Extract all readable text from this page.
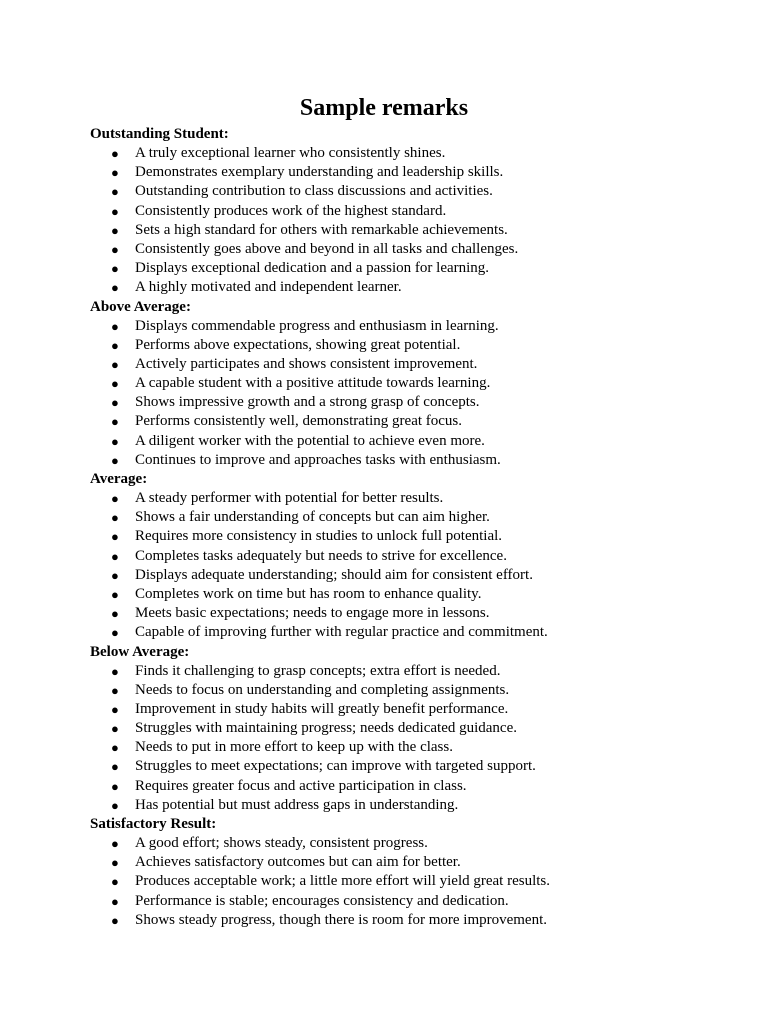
Sample remarks
Outstanding Student:
● A truly exceptional learner who consistently shines.
● Demonstrates exemplary understanding and leadership skills.
● Outstanding contribution to class discussions and activities.
● Consistently produces work of the highest standard.
● Sets a high standard for others with remarkable achievements.
● Consistently goes above and beyond in all tasks and challenges.
● Displays exceptional dedication and a passion for learning.
● A highly motivated and independent learner.
Above Average:
● Displays commendable progress and enthusiasm in learning.
● Performs above expectations, showing great potential.
● Actively participates and shows consistent improvement.
● A capable student with a positive attitude towards learning.
● Shows impressive growth and a strong grasp of concepts.
● Performs consistently well, demonstrating great focus.
● A diligent worker with the potential to achieve even more.
● Continues to improve and approaches tasks with enthusiasm.
Average:
● A steady performer with potential for better results.
● Shows a fair understanding of concepts but can aim higher.
● Requires more consistency in studies to unlock full potential.
● Completes tasks adequately but needs to strive for excellence.
● Displays adequate understanding; should aim for consistent effort.
● Completes work on time but has room to enhance quality.
● Meets basic expectations; needs to engage more in lessons.
● Capable of improving further with regular practice and commitment.
Below Average:
● Finds it challenging to grasp concepts; extra effort is needed.
● Needs to focus on understanding and completing assignments.
● Improvement in study habits will greatly benefit performance.
● Struggles with maintaining progress; needs dedicated guidance.
● Needs to put in more effort to keep up with the class.
● Struggles to meet expectations; can improve with targeted support.
● Requires greater focus and active participation in class.
● Has potential but must address gaps in understanding.
Satisfactory Result:
● A good effort; shows steady, consistent progress.
● Achieves satisfactory outcomes but can aim for better.
● Produces acceptable work; a little more effort will yield great results.
● Performance is stable; encourages consistency and dedication.
● Shows steady progress, though there is room for more improvement.
